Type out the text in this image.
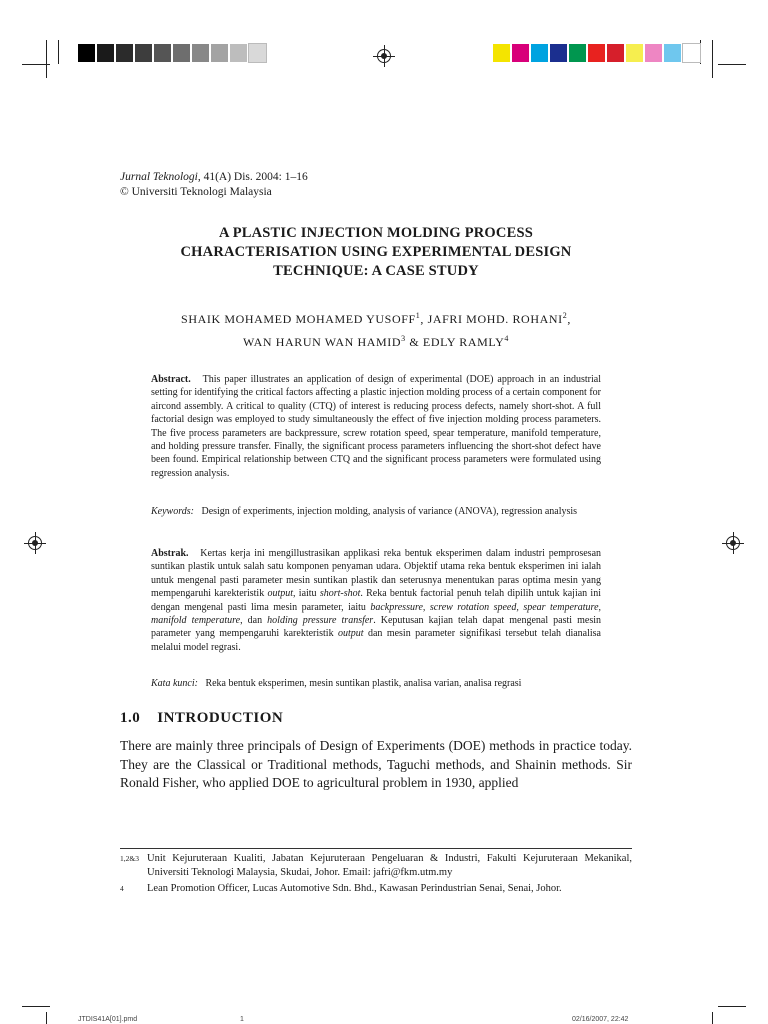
Jurnal Teknologi, 41(A) Dis. 2004: 1–16
© Universiti Teknologi Malaysia
A PLASTIC INJECTION MOLDING PROCESS
CHARACTERISATION USING EXPERIMENTAL DESIGN
TECHNIQUE: A CASE STUDY
SHAIK MOHAMED MOHAMED YUSOFF$^1$, JAFRI MOHD. ROHANI$^2$,
WAN HARUN WAN HAMID$^3$ & EDLY RAMLY$^4$
Abstract. This paper illustrates an application of design of experimental (DOE) approach in an industrial setting for identifying the critical factors affecting a plastic injection molding process of a certain component for aircond assembly. A critical to quality (CTQ) of interest is reducing process defects, namely short-shot. A full factorial design was employed to study simultaneously the effect of five injection molding process parameters. The five process parameters are backpressure, screw rotation speed, spear temperature, manifold temperature, and holding pressure transfer. Finally, the significant process parameters influencing the short-shot defect have been found. Empirical relationship between CTQ and the significant process parameters were formulated using regression analysis.
Keywords: Design of experiments, injection molding, analysis of variance (ANOVA), regression analysis
Abstrak. Kertas kerja ini mengillustrasikan applikasi reka bentuk eksperimen dalam industri pemprosesan suntikan plastik untuk salah satu komponen penyaman udara. Objektif utama reka bentuk eksperimen ini ialah untuk mengenal pasti parameter mesin suntikan plastik dan seterusnya menentukan paras optima mesin yang mempengaruhi karekteristik output, iaitu short-shot. Reka bentuk factorial penuh telah dipilih untuk kajian ini dengan mengenal pasti lima mesin parameter, iaitu backpressure, screw rotation speed, spear temperature, manifold temperature, dan holding pressure transfer. Keputusan kajian telah dapat mengenal pasti mesin parameter yang mempengaruhi karekteristik output dan mesin parameter signifikasi tersebut telah dianalisa melalui model regrasi.
Kata kunci: Reka bentuk eksperimen, mesin suntikan plastik, analisa varian, analisa regrasi
1.0    INTRODUCTION
There are mainly three principals of Design of Experiments (DOE) methods in practice today. They are the Classical or Traditional methods, Taguchi methods, and Shainin methods. Sir Ronald Fisher, who applied DOE to agricultural problem in 1930, applied
1,2&3 Unit Kejuruteraan Kualiti, Jabatan Kejuruteraan Pengeluaran & Industri, Fakulti Kejuruteraan Mekanikal, Universiti Teknologi Malaysia, Skudai, Johor. Email: jafri@fkm.utm.my
4 Lean Promotion Officer, Lucas Automotive Sdn. Bhd., Kawasan Perindustrian Senai, Senai, Johor.
JTDIS41A[01].pmd	1	02/16/2007, 22:42
